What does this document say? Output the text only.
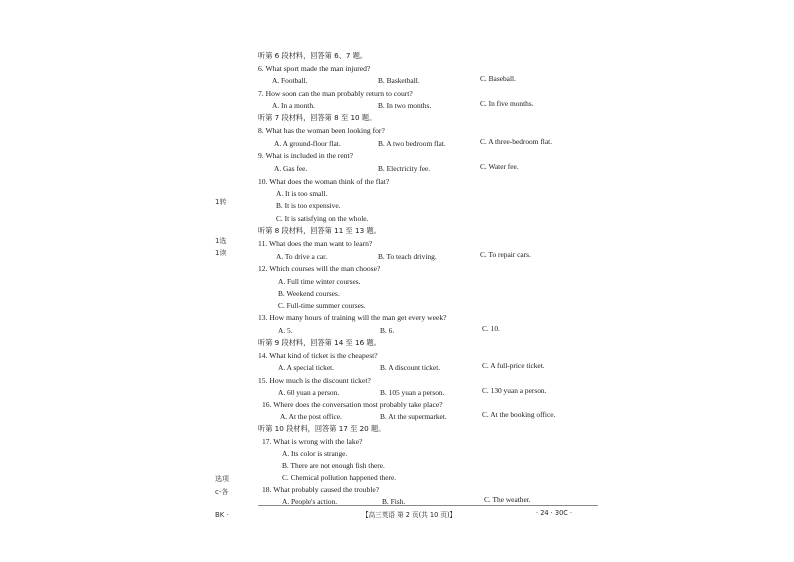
听第 6 段材料，回答第 6、7 题。
6. What sport made the man injured?
A. Football.	B. Basketball.	C. Baseball.
7. How soon can the man probably return to court?
A. In a month.	B. In two months.	C. In five months.
听第 7 段材料，回答第 8 至 10 题。
8. What has the woman been looking for?
A. A ground-floor flat.	B. A two bedroom flat.	C. A three-bedroom flat.
9. What is included in the rent?
A. Gas fee.	B. Electricity fee.	C. Water fee.
10. What does the woman think of the flat?
A. It is too small.
B. It is too expensive.
C. It is satisfying on the whole.
听第 8 段材料，回答第 11 至 13 题。
11. What does the man want to learn?
A. To drive a car.	B. To teach driving.	C. To repair cars.
12. Which courses will the man choose?
A. Full time winter courses.
B. Weekend courses.
C. Full-time summer courses.
13. How many hours of training will the man get every week?
A. 5.	B. 6.	C. 10.
听第 9 段材料，回答第 14 至 16 题。
14. What kind of ticket is the cheapest?
A. A special ticket.	B. A discount ticket.	C. A full-price ticket.
15. How much is the discount ticket?
A. 60 yuan a person.	B. 105 yuan a person.	C. 130 yuan a person.
16. Where does the conversation most probably take place?
A. At the post office.	B. At the supermarket.	C. At the booking office.
听第 10 段材料，回答第 17 至 20 题。
17. What is wrong with the lake?
A. Its color is strange.
B. There are not enough fish there.
C. Chemical pollution happened there.
18. What probably caused the trouble?
A. People's action.	B. Fish.	C. The weather.
1转
1选
1读
选项
c-各
BK ·	【高三英语 第 2 页(共 10 页)】	· 24 · 30C ·
